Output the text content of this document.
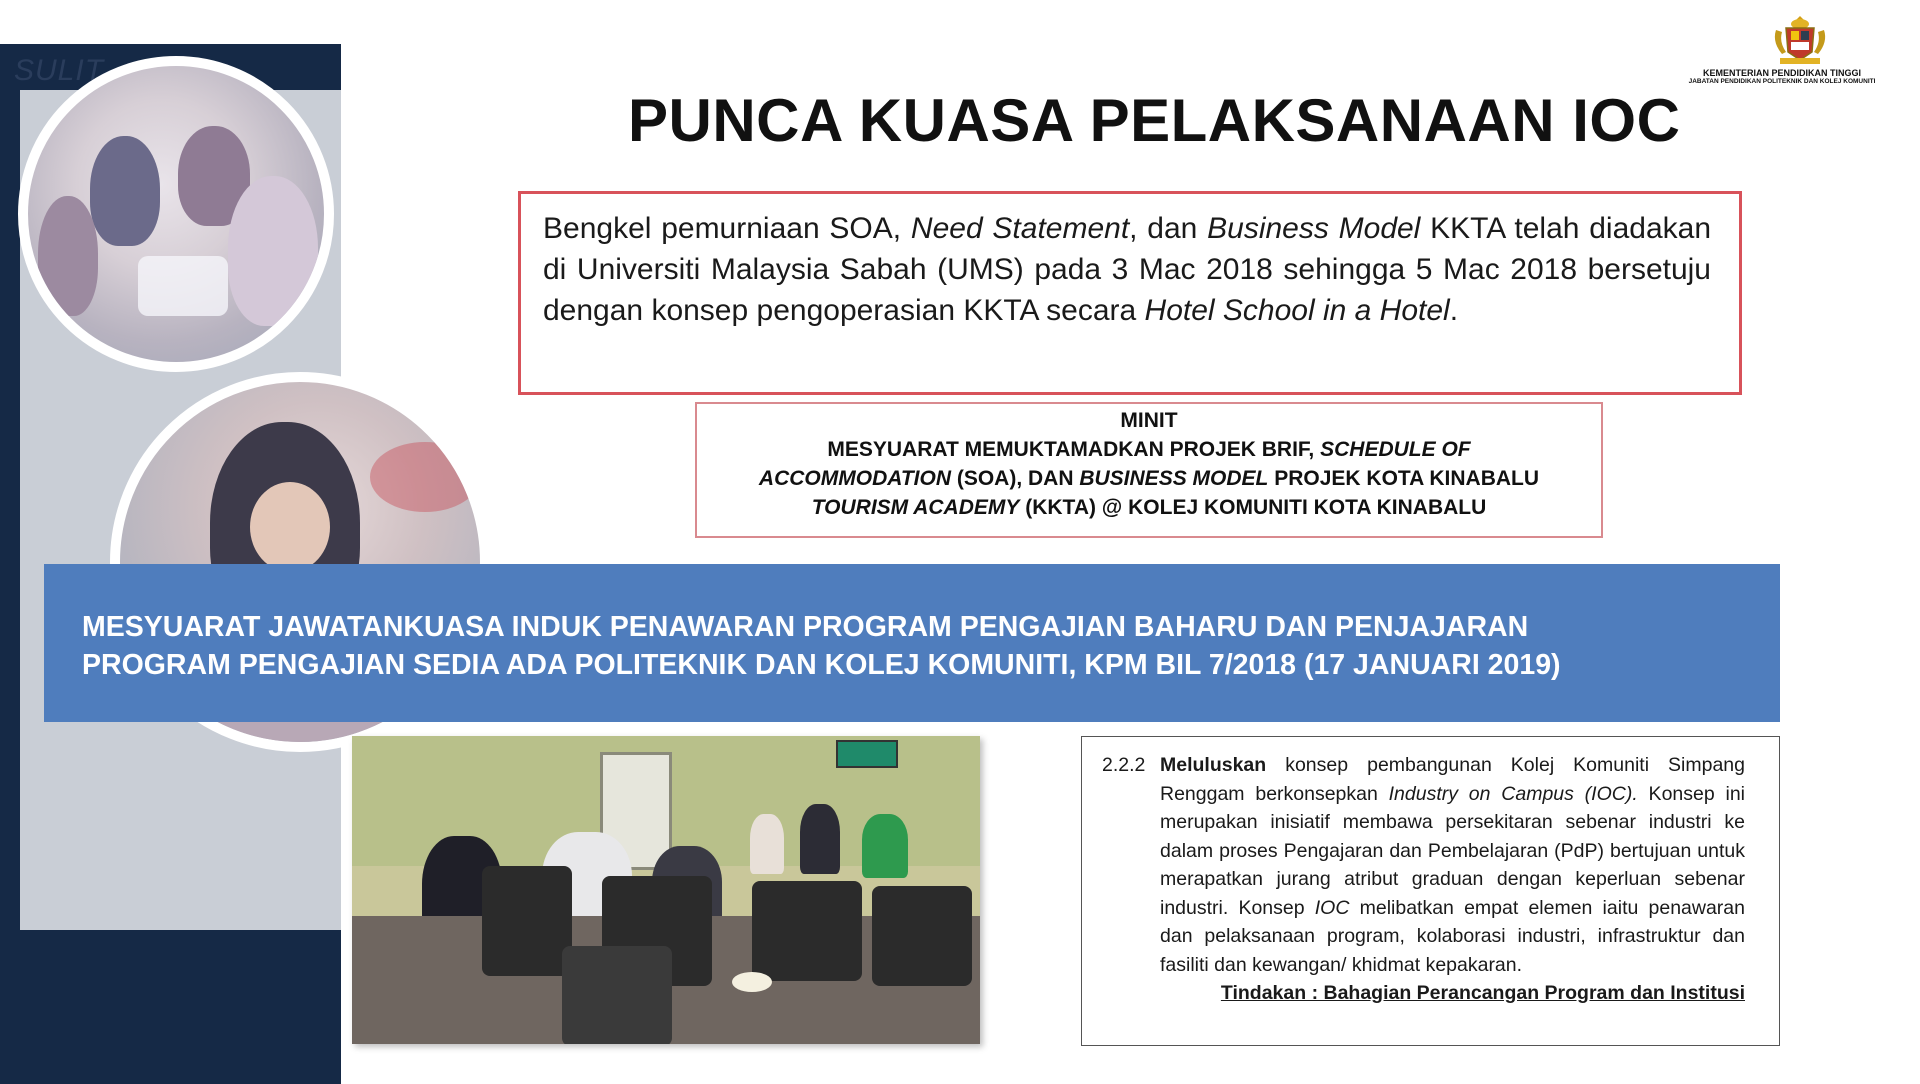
SULIT	KEMENTERIAN PENDIDIKAN TINGGI
JABATAN PENDIDIKAN POLITEKNIK DAN KOLEJ KOMUNITI
PUNCA KUASA PELAKSANAAN IOC
Bengkel pemurniaan SOA, Need Statement, dan Business Model KKTA telah diadakan di Universiti Malaysia Sabah (UMS) pada 3 Mac 2018 sehingga 5 Mac 2018 bersetuju dengan konsep pengoperasian KKTA secara Hotel School in a Hotel.
MINIT
MESYUARAT MEMUKTAMADKAN PROJEK BRIF, SCHEDULE OF
ACCOMMODATION (SOA), DAN BUSINESS MODEL PROJEK KOTA KINABALU
TOURISM ACADEMY (KKTA) @ KOLEJ KOMUNITI KOTA KINABALU
MESYUARAT JAWATANKUASA INDUK PENAWARAN PROGRAM PENGAJIAN BAHARU DAN PENJAJARAN
PROGRAM PENGAJIAN SEDIA ADA POLITEKNIK DAN KOLEJ KOMUNITI, KPM BIL 7/2018 (17 JANUARI 2019)
2.2.2 Meluluskan konsep pembangunan Kolej Komuniti Simpang Renggam berkonsepkan Industry on Campus (IOC). Konsep ini merupakan inisiatif membawa persekitaran sebenar industri ke dalam proses Pengajaran dan Pembelajaran (PdP) bertujuan untuk merapatkan jurang atribut graduan dengan keperluan sebenar industri. Konsep IOC melibatkan empat elemen iaitu penawaran dan pelaksanaan program, kolaborasi industri, infrastruktur dan fasiliti dan kewangan/ khidmat kepakaran.
Tindakan : Bahagian Perancangan Program dan Institusi
